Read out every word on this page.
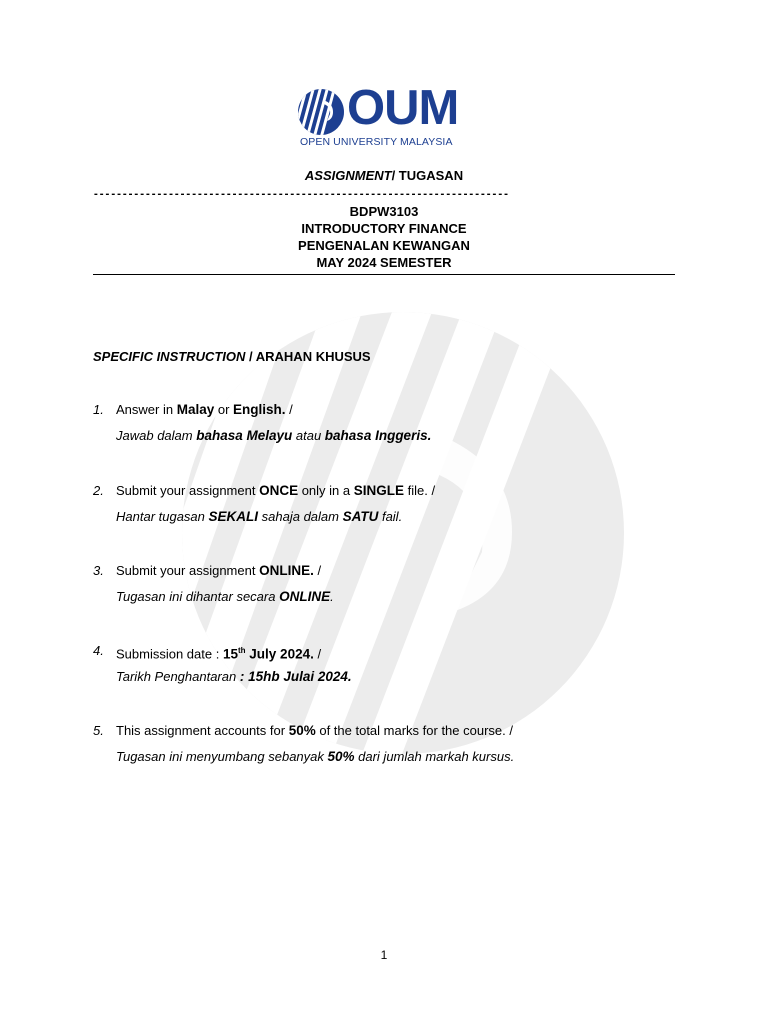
OUM
OPEN UNIVERSITY MALAYSIA
ASSIGNMENT/ TUGASAN
------------------------------------------------------------------------
BDPW3103
INTRODUCTORY FINANCE
PENGENALAN KEWANGAN
MAY 2024 SEMESTER
SPECIFIC INSTRUCTION / ARAHAN KHUSUS
1. Answer in Malay or English. /
Jawab dalam bahasa Melayu atau bahasa Inggeris.
2. Submit your assignment ONCE only in a SINGLE file. /
Hantar tugasan SEKALI sahaja dalam SATU fail.
3. Submit your assignment ONLINE. /
Tugasan ini dihantar secara ONLINE.
4. Submission date : 15th July 2024. /
Tarikh Penghantaran : 15hb Julai 2024.
5. This assignment accounts for 50% of the total marks for the course. /
Tugasan ini menyumbang sebanyak 50% dari jumlah markah kursus.
1
